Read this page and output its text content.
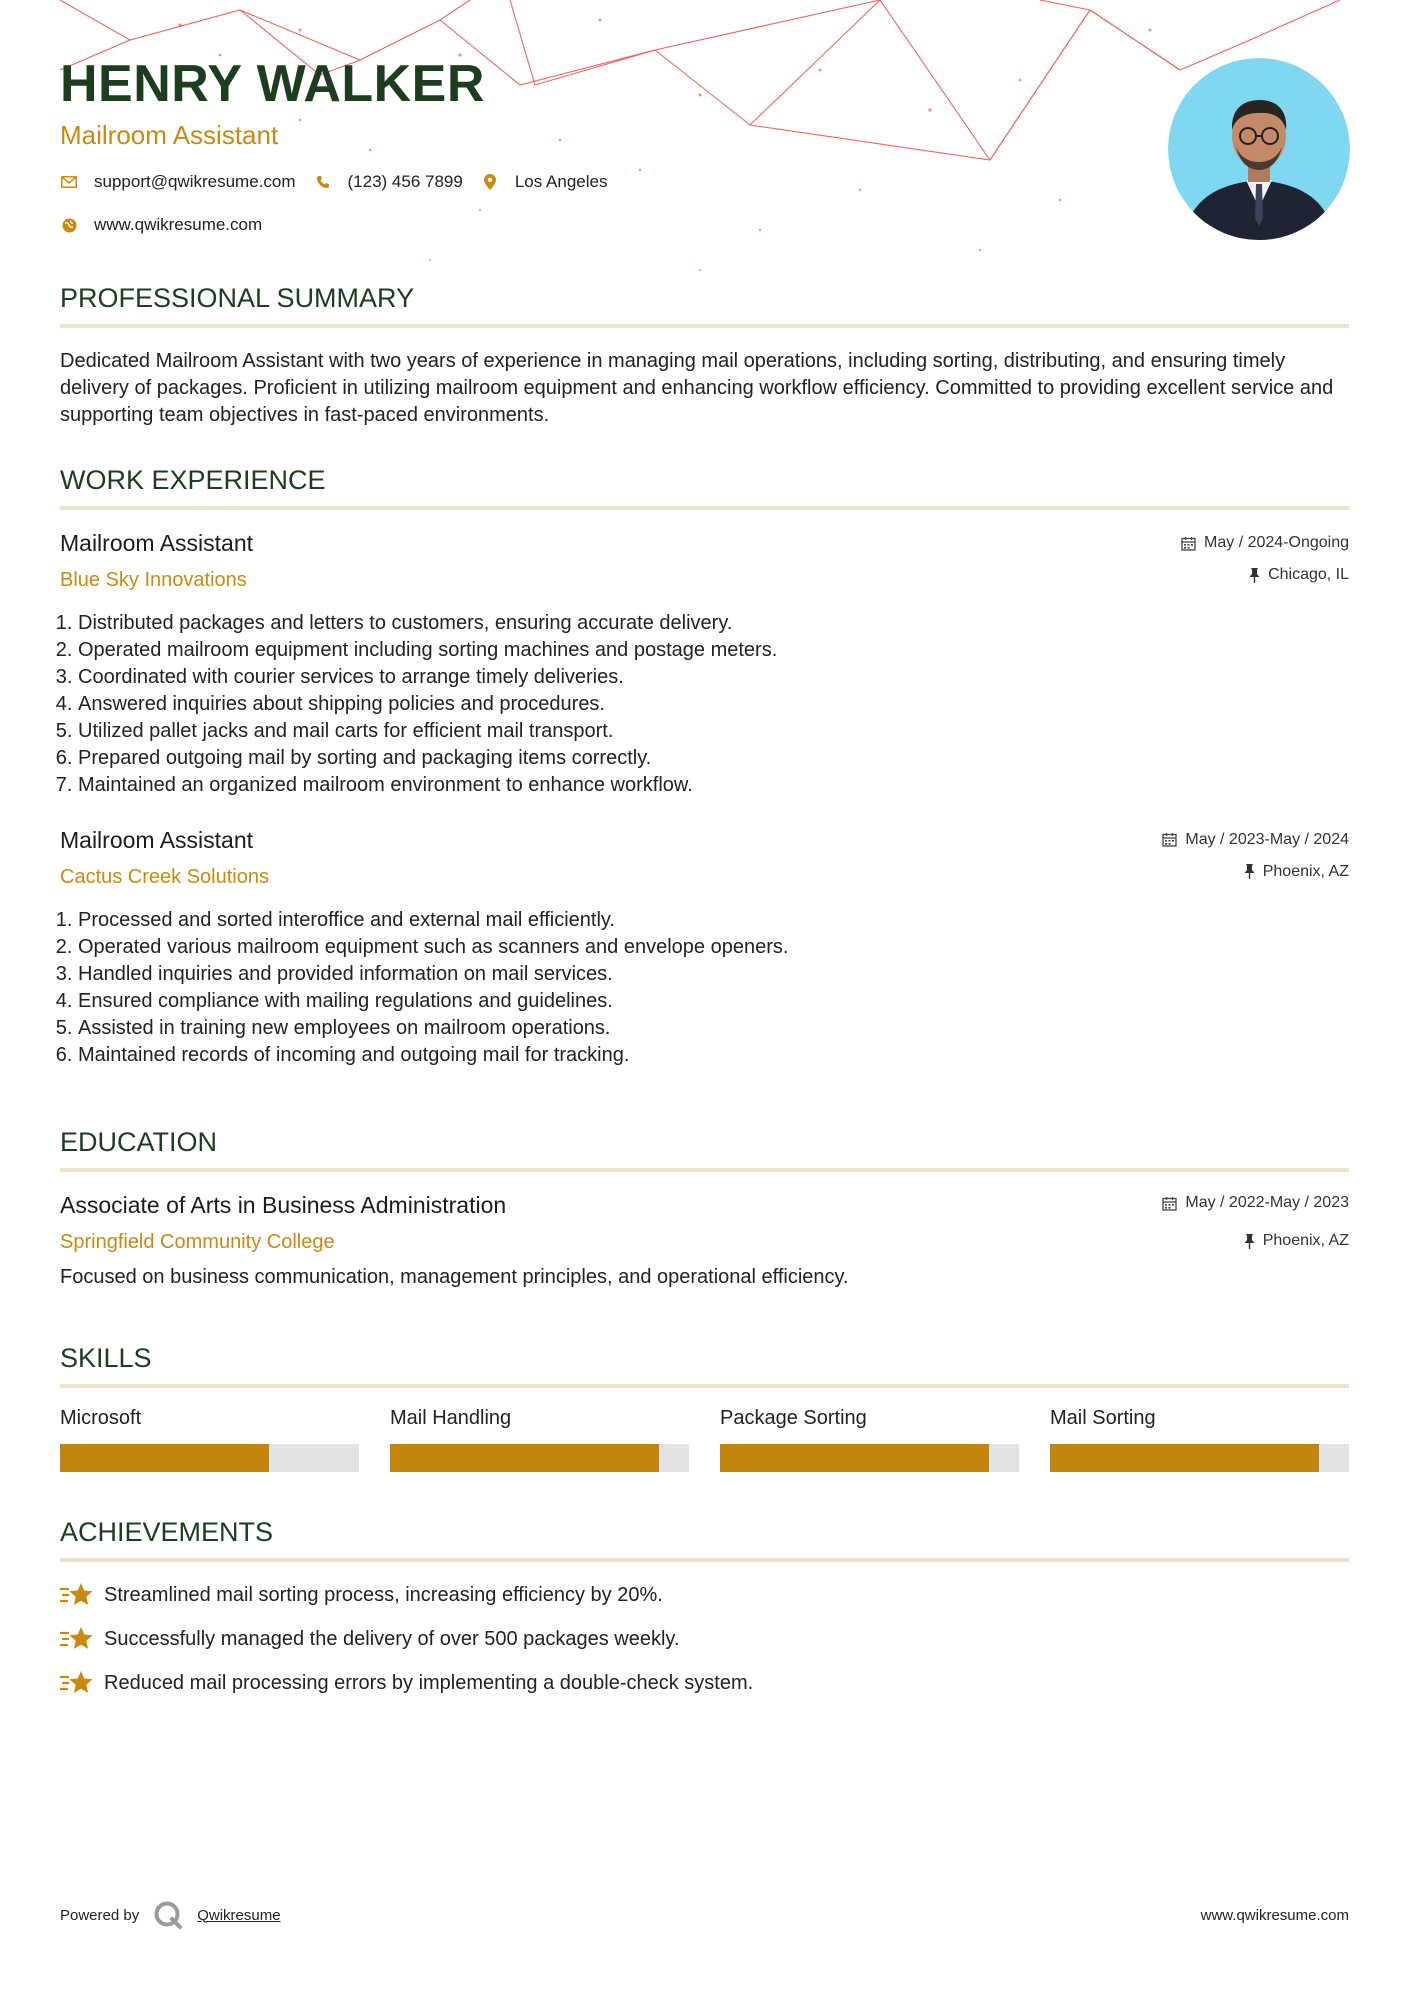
HENRY WALKER
Mailroom Assistant
support@qwikresume.com	(123) 456 7899	Los Angeles
www.qwikresume.com
PROFESSIONAL SUMMARY

Dedicated Mailroom Assistant with two years of experience in managing mail operations, including sorting, distributing, and ensuring timely delivery of packages. Proficient in utilizing mailroom equipment and enhancing workflow efficiency. Committed to providing excellent service and supporting team objectives in fast-paced environments.

WORK EXPERIENCE
Mailroom Assistant
Blue Sky Innovations
May / 2024-Ongoing
Chicago, IL
1. Distributed packages and letters to customers, ensuring accurate delivery.
2. Operated mailroom equipment including sorting machines and postage meters.
3. Coordinated with courier services to arrange timely deliveries.
4. Answered inquiries about shipping policies and procedures.
5. Utilized pallet jacks and mail carts for efficient mail transport.
6. Prepared outgoing mail by sorting and packaging items correctly.
7. Maintained an organized mailroom environment to enhance workflow.
Mailroom Assistant
Cactus Creek Solutions
May / 2023-May / 2024
Phoenix, AZ
1. Processed and sorted interoffice and external mail efficiently.
2. Operated various mailroom equipment such as scanners and envelope openers.
3. Handled inquiries and provided information on mail services.
4. Ensured compliance with mailing regulations and guidelines.
5. Assisted in training new employees on mailroom operations.
6. Maintained records of incoming and outgoing mail for tracking.
EDUCATION
Associate of Arts in Business Administration
Springfield Community College
May / 2022-May / 2023
Phoenix, AZ

Focused on business communication, management principles, and operational efficiency.

SKILLS
Microsoft	Mail Handling	Package Sorting	Mail Sorting
ACHIEVEMENTS
Streamlined mail sorting process, increasing efficiency by 20%.
Successfully managed the delivery of over 500 packages weekly.
Reduced mail processing errors by implementing a double-check system.
Powered by	Qwikresume	www.qwikresume.com
